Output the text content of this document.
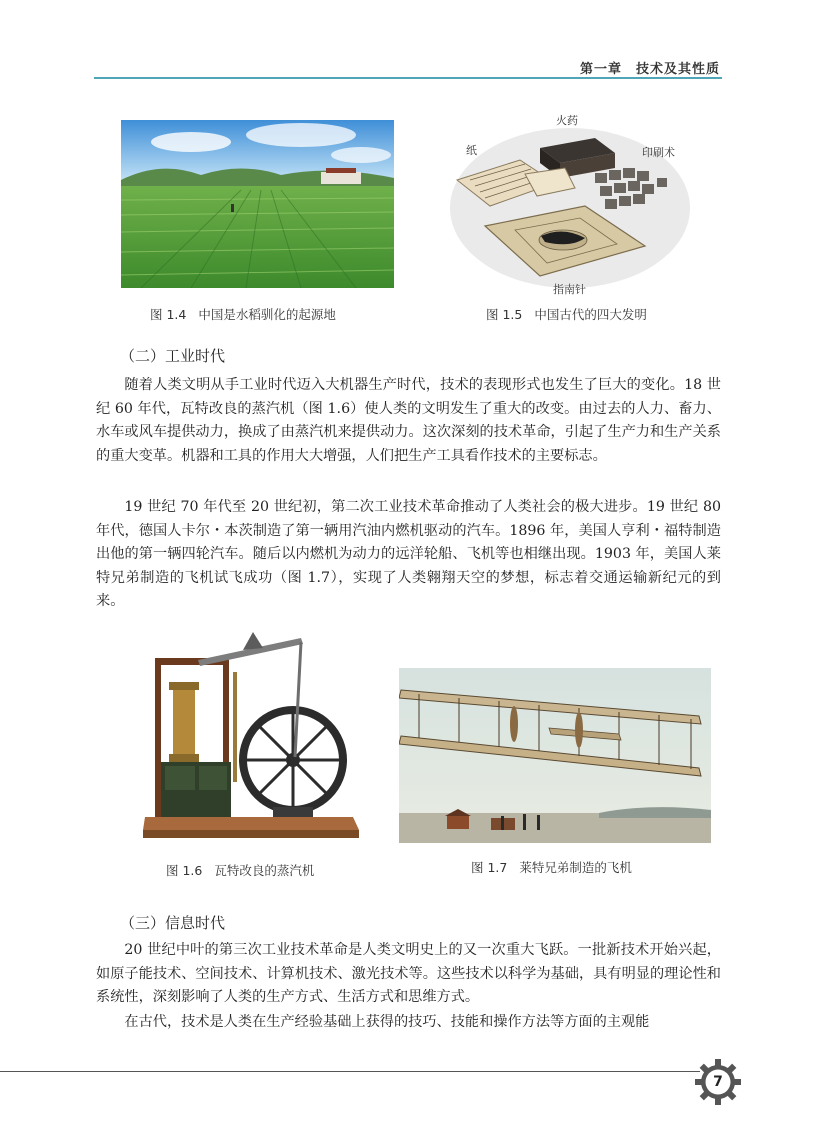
第一章　技术及其性质
图 1.4 中国是水稻驯化的起源地
火药
纸	印刷术
指南针
图 1.5 中国古代的四大发明
（二）工业时代

随着人类文明从手工业时代迈入大机器生产时代，技术的表现形式也发生了巨大的变化。18 世纪 60 年代，瓦特改良的蒸汽机（图 1.6）使人类的文明发生了重大的改变。由过去的人力、畜力、水车或风车提供动力，换成了由蒸汽机来提供动力。这次深刻的技术革命，引起了生产力和生产关系的重大变革。机器和工具的作用大大增强，人们把生产工具看作技术的主要标志。

19 世纪 70 年代至 20 世纪初，第二次工业技术革命推动了人类社会的极大进步。19 世纪 80 年代，德国人卡尔・本茨制造了第一辆用汽油内燃机驱动的汽车。1896 年，美国人亨利・福特制造出他的第一辆四轮汽车。随后以内燃机为动力的远洋轮船、飞机等也相继出现。1903 年，美国人莱特兄弟制造的飞机试飞成功（图 1.7），实现了人类翱翔天空的梦想，标志着交通运输新纪元的到来。

图 1.6 瓦特改良的蒸汽机	图 1.7 莱特兄弟制造的飞机
（三）信息时代

20 世纪中叶的第三次工业技术革命是人类文明史上的又一次重大飞跃。一批新技术开始兴起，如原子能技术、空间技术、计算机技术、激光技术等。这些技术以科学为基础，具有明显的理论性和系统性，深刻影响了人类的生产方式、生活方式和思维方式。

在古代，技术是人类在生产经验基础上获得的技巧、技能和操作方法等方面的主观能

7
